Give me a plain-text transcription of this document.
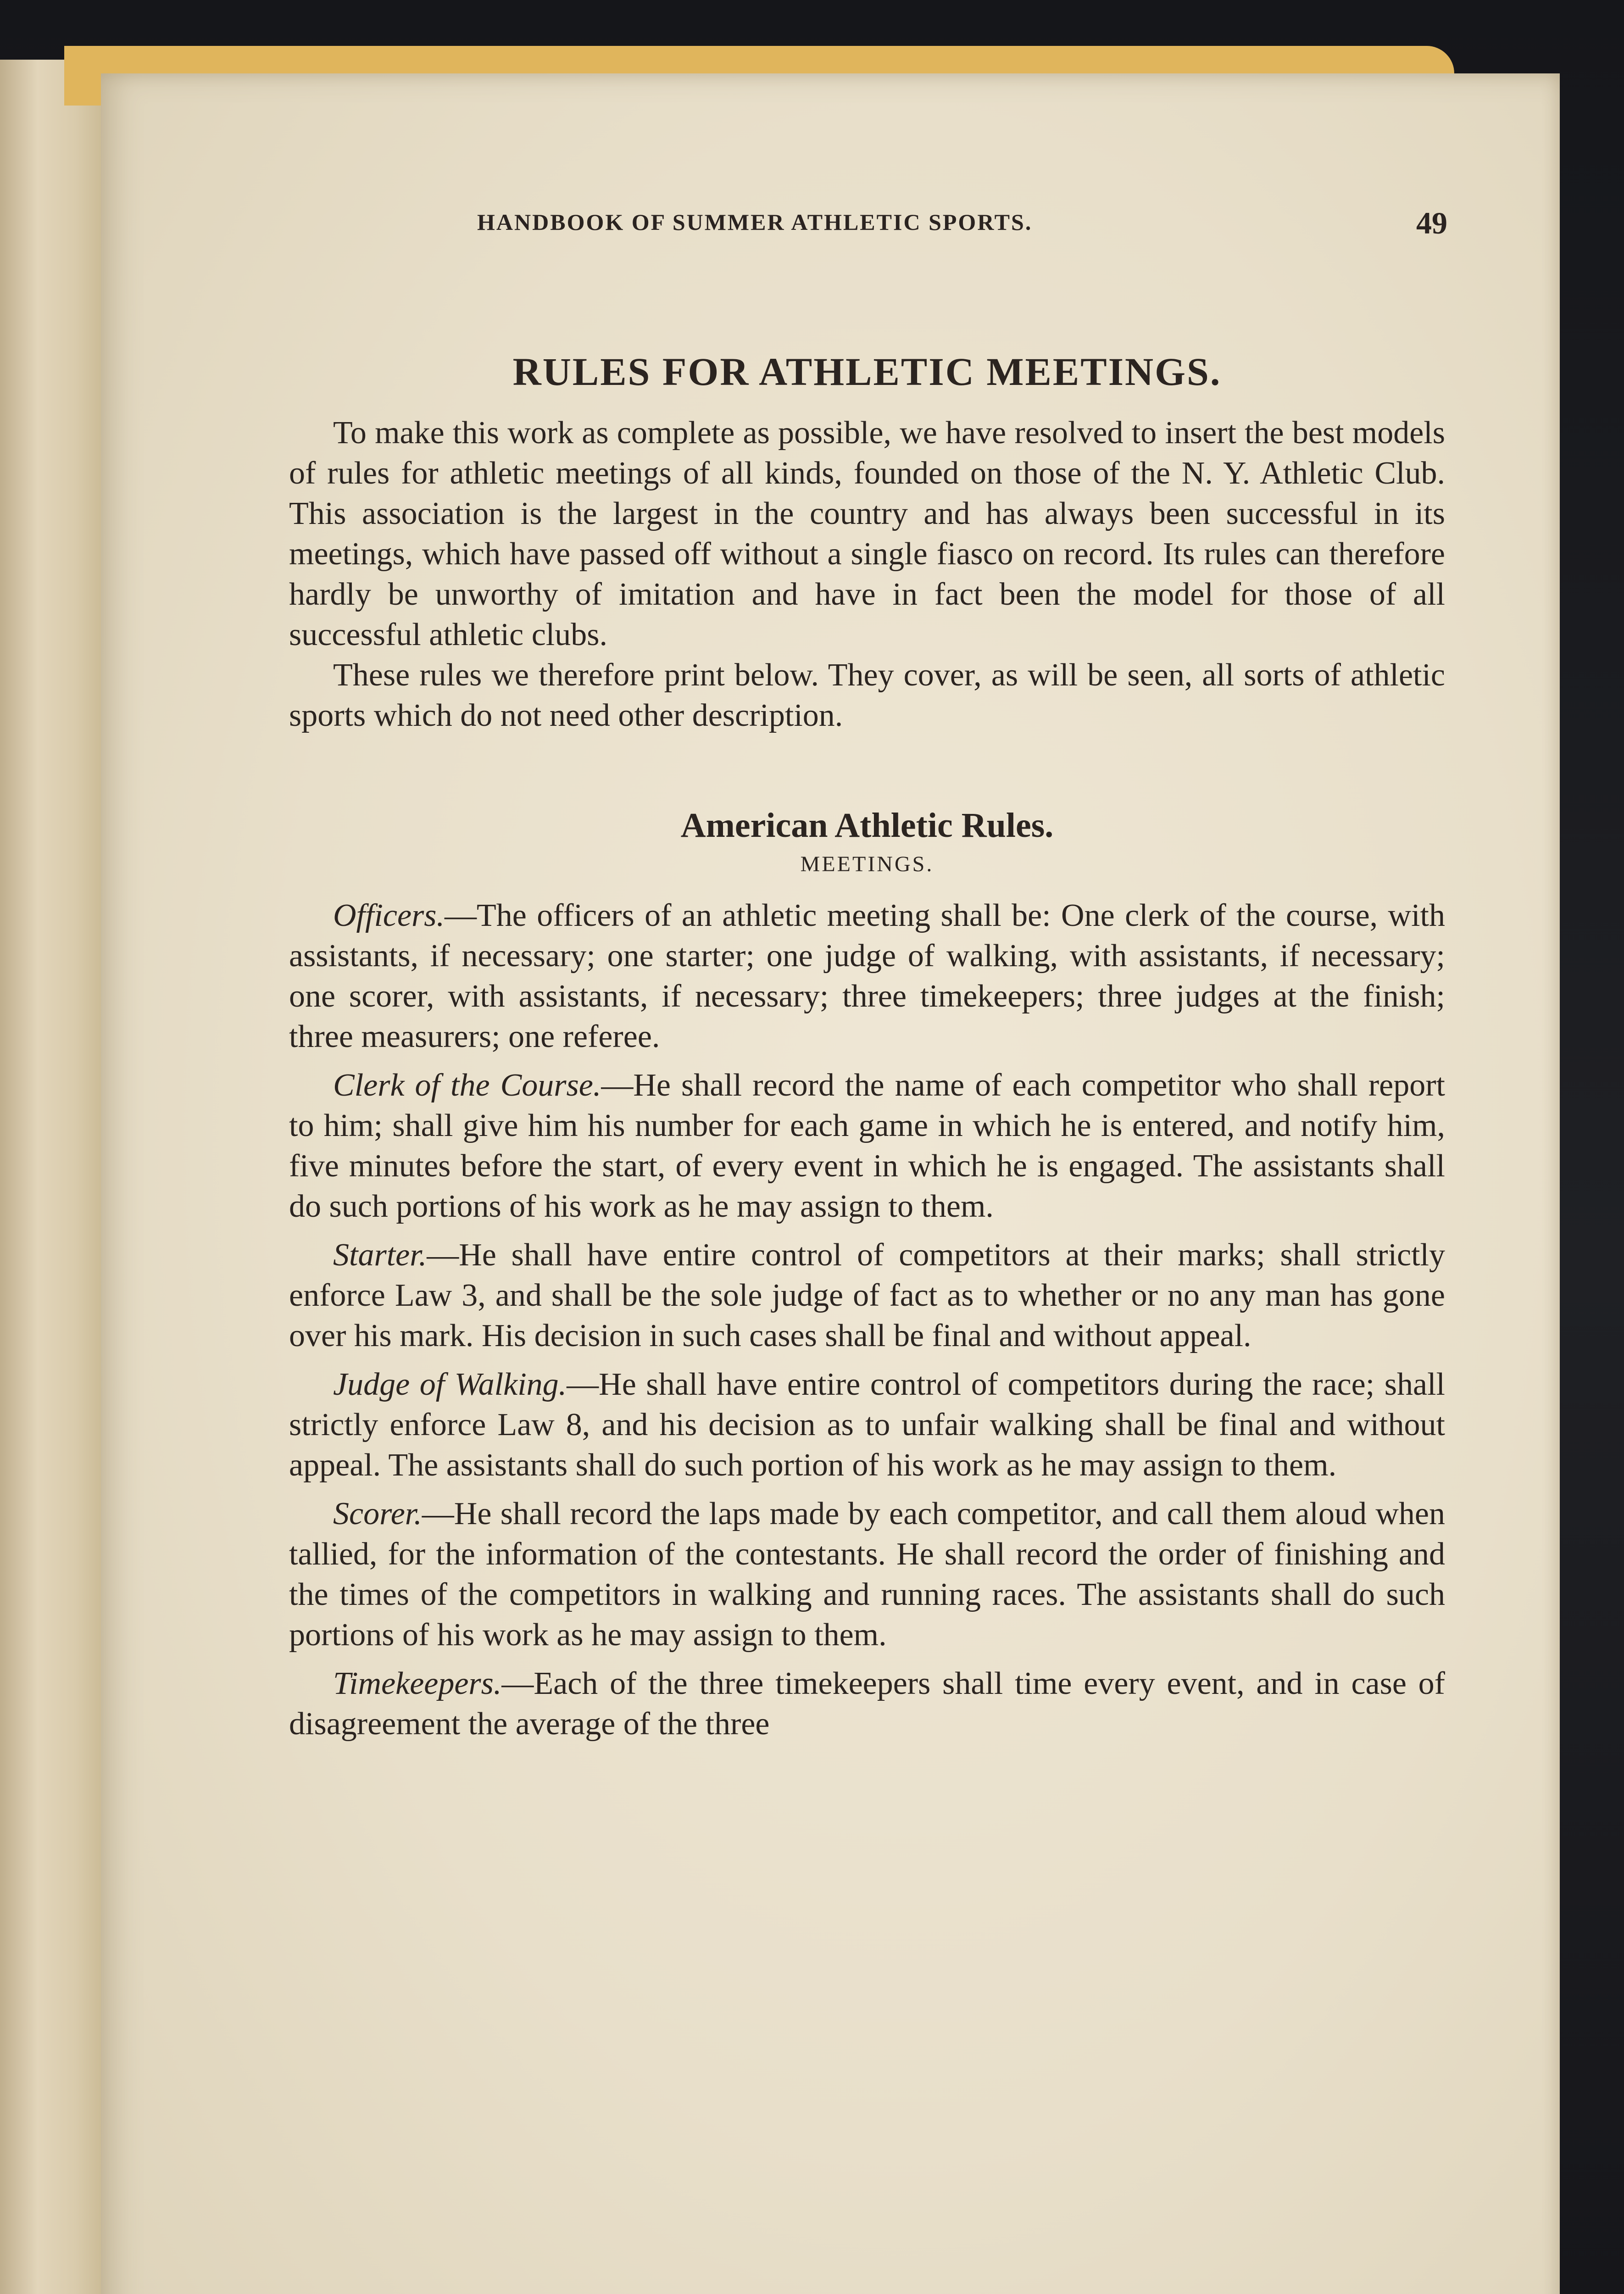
HANDBOOK OF SUMMER ATHLETIC SPORTS.	49
RULES FOR ATHLETIC MEETINGS.

To make this work as complete as possible, we have resolved to insert the best models of rules for athletic meetings of all kinds, founded on those of the N. Y. Athletic Club. This association is the largest in the country and has always been successful in its meetings, which have passed off without a single fiasco on record. Its rules can therefore hardly be unworthy of imitation and have in fact been the model for those of all successful athletic clubs.

These rules we therefore print below. They cover, as will be seen, all sorts of athletic sports which do not need other description.

American Athletic Rules.
MEETINGS.

Officers.—The officers of an athletic meeting shall be: One clerk of the course, with assistants, if necessary; one starter; one judge of walking, with assistants, if necessary; one scorer, with assistants, if necessary; three timekeepers; three judges at the finish; three measurers; one referee.

Clerk of the Course.—He shall record the name of each competitor who shall report to him; shall give him his number for each game in which he is entered, and notify him, five minutes before the start, of every event in which he is engaged. The assistants shall do such portions of his work as he may assign to them.

Starter.—He shall have entire control of competitors at their marks; shall strictly enforce Law 3, and shall be the sole judge of fact as to whether or no any man has gone over his mark. His decision in such cases shall be final and without appeal.

Judge of Walking.—He shall have entire control of competitors during the race; shall strictly enforce Law 8, and his decision as to unfair walking shall be final and without appeal. The assistants shall do such portion of his work as he may assign to them.

Scorer.—He shall record the laps made by each competitor, and call them aloud when tallied, for the information of the contestants. He shall record the order of finishing and the times of the competitors in walking and running races. The assistants shall do such portions of his work as he may assign to them.

Timekeepers.—Each of the three timekeepers shall time every event, and in case of disagreement the average of the three
